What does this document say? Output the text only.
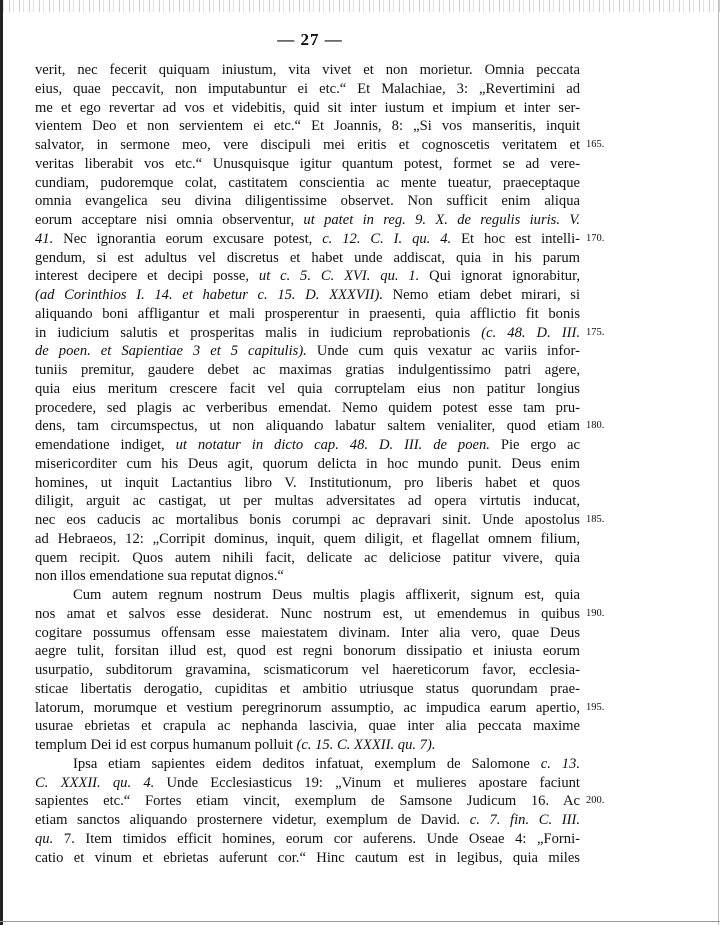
— 27 —
verit, nec fecerit quiquam iniustum, vita vivet et non morietur. Omnia peccata
eius, quae peccavit, non imputabuntur ei etc.“ Et Malachiae, 3: „Revertimini ad
me et ego revertar ad vos et videbitis, quid sit inter iustum et impium et inter ser-
vientem Deo et non servientem ei etc.“ Et Joannis, 8: „Si vos manseritis, inquit
salvator, in sermone meo, vere discipuli mei eritis et cognoscetis veritatem et 165.
veritas liberabit vos etc.“ Unusquisque igitur quantum potest, formet se ad vere-
cundiam, pudoremque colat, castitatem conscientia ac mente tueatur, praeceptaque
omnia evangelica seu divina diligentissime observet. Non sufficit enim aliqua
eorum acceptare nisi omnia observentur, ut patet in reg. 9. X. de regulis iuris. V.
41. Nec ignorantia eorum excusare potest, c. 12. C. I. qu. 4. Et hoc est intelli- 170.
gendum, si est adultus vel discretus et habet unde addiscat, quia in his parum
interest decipere et decipi posse, ut c. 5. C. XVI. qu. 1. Qui ignorat ignorabitur,
(ad Corinthios I. 14. et habetur c. 15. D. XXXVII). Nemo etiam debet mirari, si
aliquando boni affligantur et mali prosperentur in praesenti, quia afflictio fit bonis
in iudicium salutis et prosperitas malis in iudicium reprobationis (c. 48. D. III. 175.
de poen. et Sapientiae 3 et 5 capitulis). Unde cum quis vexatur ac variis infor-
tuniis premitur, gaudere debet ac maximas gratias indulgentissimo patri agere,
quia eius meritum crescere facit vel quia corruptelam eius non patitur longius
procedere, sed plagis ac verberibus emendat. Nemo quidem potest esse tam pru-
dens, tam circumspectus, ut non aliquando labatur saltem venialiter, quod etiam 180.
emendatione indiget, ut notatur in dicto cap. 48. D. III. de poen. Pie ergo ac
misericorditer cum his Deus agit, quorum delicta in hoc mundo punit. Deus enim
homines, ut inquit Lactantius libro V. Institutionum, pro liberis habet et quos
diligit, arguit ac castigat, ut per multas adversitates ad opera virtutis inducat,
nec eos caducis ac mortalibus bonis corumpi ac depravari sinit. Unde apostolus 185.
ad Hebraeos, 12: „Corripit dominus, inquit, quem diligit, et flagellat omnem filium,
quem recipit. Quos autem nihili facit, delicate ac deliciose patitur vivere, quia
non illos emendatione sua reputat dignos.“
Cum autem regnum nostrum Deus multis plagis afflixerit, signum est, quia
nos amat et salvos esse desiderat. Nunc nostrum est, ut emendemus in quibus 190.
cogitare possumus offensam esse maiestatem divinam. Inter alia vero, quae Deus
aegre tulit, forsitan illud est, quod est regni bonorum dissipatio et iniusta eorum
usurpatio, subditorum gravamina, scismaticorum vel haereticorum favor, ecclesia-
sticae libertatis derogatio, cupiditas et ambitio utriusque status quorundam prae-
latorum, morumque et vestium peregrinorum assumptio, ac impudica earum apertio, 195.
usurae ebrietas et crapula ac nephanda lascivia, quae inter alia peccata maxime
templum Dei id est corpus humanum polluit (c. 15. C. XXXII. qu. 7).
Ipsa etiam sapientes eidem deditos infatuat, exemplum de Salomone c. 13.
C. XXXII. qu. 4. Unde Ecclesiasticus 19: „Vinum et mulieres apostare faciunt
sapientes etc.“ Fortes etiam vincit, exemplum de Samsone Judicum 16. Ac 200.
etiam sanctos aliquando prosternere videtur, exemplum de David. c. 7. fin. C. III.
qu. 7. Item timidos efficit homines, eorum cor auferens. Unde Oseae 4: „Forni-
catio et vinum et ebrietas auferunt cor.“ Hinc cautum est in legibus, quia miles
